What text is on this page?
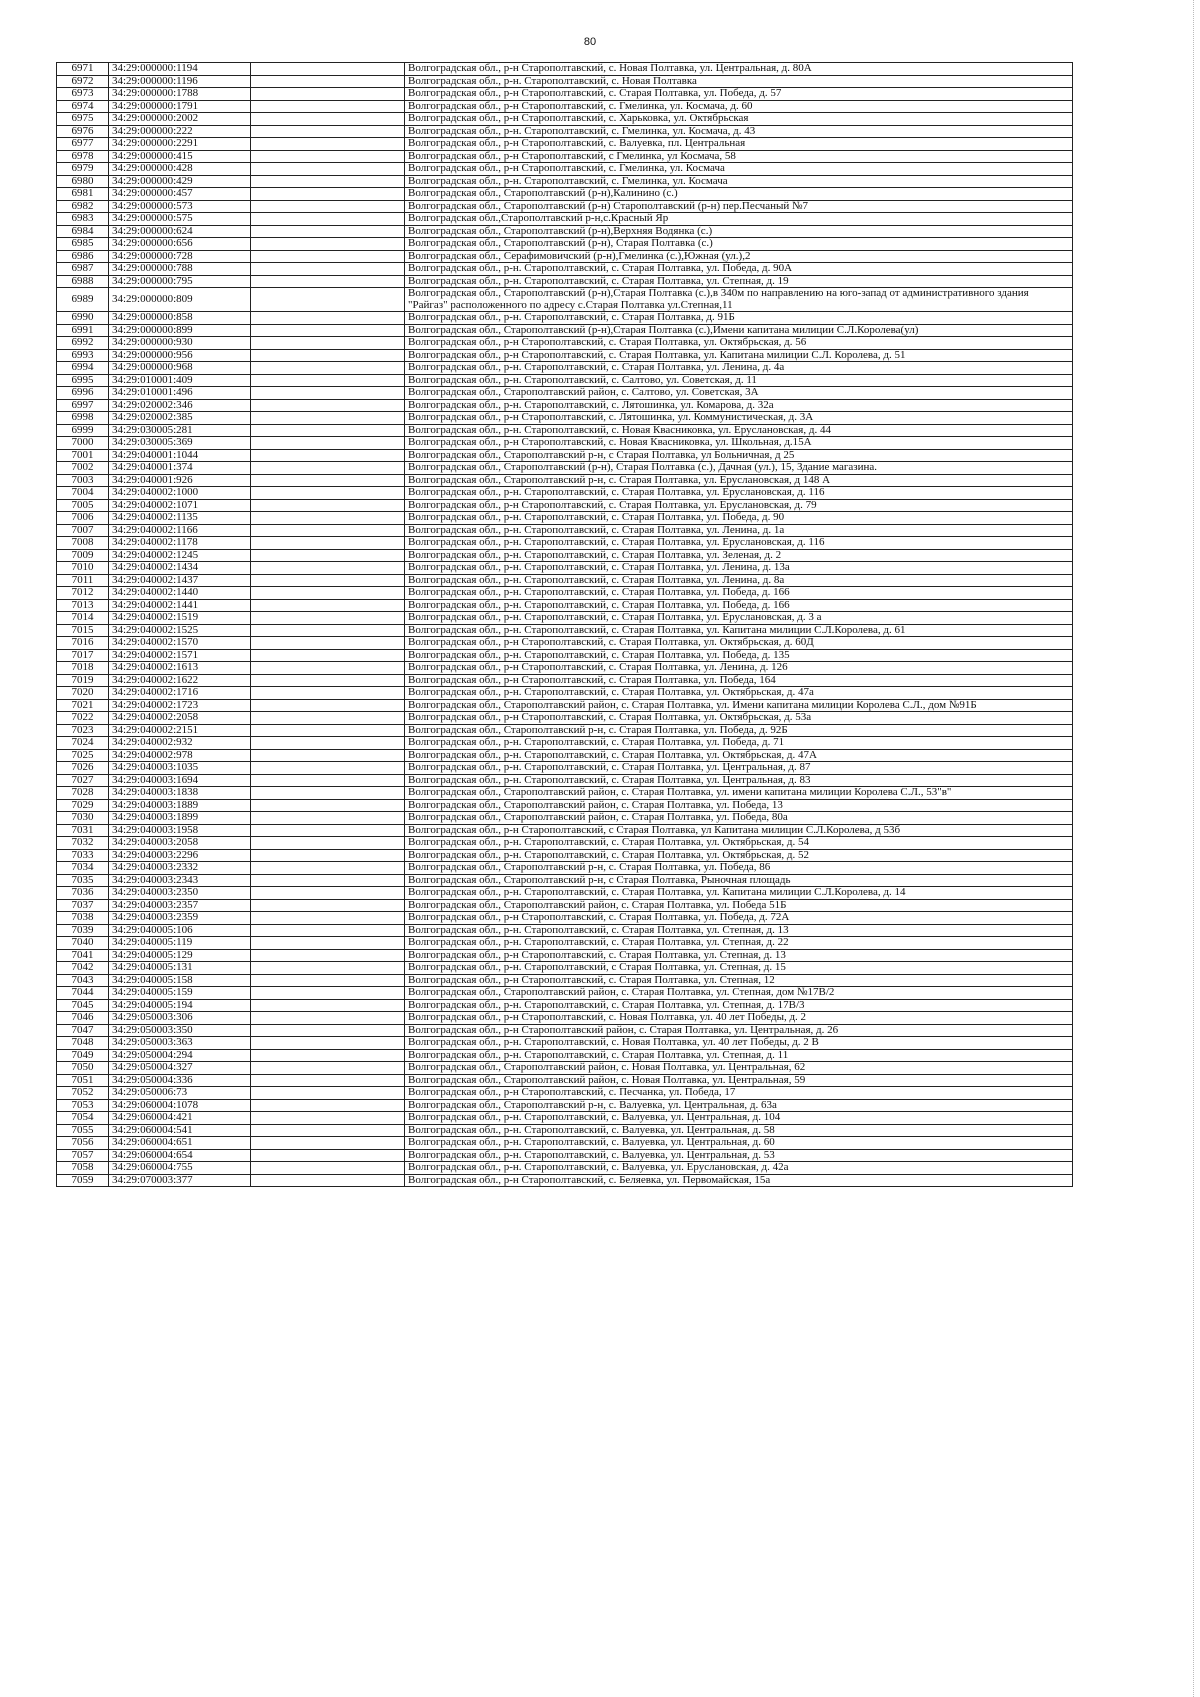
80
6971	34:29:000000:1194		Волгоградская обл., р-н Старополтавский, с. Новая Полтавка, ул. Центральная, д. 80А
6972	34:29:000000:1196		Волгоградская обл., р-н. Старополтавский, с. Новая Полтавка
6973	34:29:000000:1788		Волгоградская обл., р-н Старополтавский, с. Старая Полтавка, ул. Победа, д. 57
6974	34:29:000000:1791		Волгоградская обл., р-н Старополтавский, с. Гмелинка, ул. Космача, д. 60
6975	34:29:000000:2002		Волгоградская обл., р-н Старополтавский, с. Харьковка, ул. Октябрьская
6976	34:29:000000:222		Волгоградская обл., р-н. Старополтавский, с. Гмелинка, ул. Космача, д. 43
6977	34:29:000000:2291		Волгоградская обл., р-н Старополтавский, с. Валуевка, пл. Центральная
6978	34:29:000000:415		Волгоградская обл., р-н Старополтавский, с Гмелинка, ул Космача, 58
6979	34:29:000000:428		Волгоградская обл., р-н Старополтавский, с. Гмелинка, ул. Космача
6980	34:29:000000:429		Волгоградская обл., р-н. Старополтавский, с. Гмелинка, ул. Космача
6981	34:29:000000:457		Волгоградская обл., Старополтавский (р-н),Калинино (с.)
6982	34:29:000000:573		Волгоградская обл., Старополтавский (р-н) Старополтавский (р-н) пер.Песчаный №7
6983	34:29:000000:575		Волгоградская обл.,Старополтавский р-н,с.Красный Яр
6984	34:29:000000:624		Волгоградская обл., Старополтавский (р-н),Верхняя Водянка (с.)
6985	34:29:000000:656		Волгоградская обл., Старополтавский (р-н), Старая Полтавка (с.)
6986	34:29:000000:728		Волгоградская обл., Серафимовичский (р-н),Гмелинка (с.),Южная (ул.),2
6987	34:29:000000:788		Волгоградская обл., р-н. Старополтавский, с. Старая Полтавка, ул. Победа, д. 90А
6988	34:29:000000:795		Волгоградская обл., р-н. Старополтавский, с. Старая Полтавка, ул. Степная, д. 19
6989	34:29:000000:809		Волгоградская обл., Старополтавский (р-н),Старая Полтавка (с.),в 340м по направлению на юго-запад от административного здания "Райгаз" расположенного по адресу с.Старая Полтавка ул.Степная,11
6990	34:29:000000:858		Волгоградская обл., р-н. Старополтавский, с. Старая Полтавка, д. 91Б
6991	34:29:000000:899		Волгоградская обл., Старополтавский (р-н),Старая Полтавка (с.),Имени капитана милиции С.Л.Королева(ул)
6992	34:29:000000:930		Волгоградская обл., р-н Старополтавский, с. Старая Полтавка, ул. Октябрьская, д. 56
6993	34:29:000000:956		Волгоградская обл., р-н Старополтавский, с. Старая Полтавка, ул. Капитана милиции С.Л. Королева, д. 51
6994	34:29:000000:968		Волгоградская обл., р-н. Старополтавский, с. Старая Полтавка, ул. Ленина, д. 4а
6995	34:29:010001:409		Волгоградская обл., р-н. Старополтавский, с. Салтово, ул. Советская, д. 11
6996	34:29:010001:496		Волгоградская обл., Старополтавский район, с. Салтово, ул. Советская, 3А
6997	34:29:020002:346		Волгоградская обл., р-н. Старополтавский, с. Лятошинка, ул. Комарова, д. 32а
6998	34:29:020002:385		Волгоградская обл., р-н Старополтавский, с. Лятошинка, ул. Коммунистическая, д. 3А
6999	34:29:030005:281		Волгоградская обл., р-н. Старополтавский, с. Новая Квасниковка, ул. Еруслановская, д. 44
7000	34:29:030005:369		Волгоградская обл., р-н Старополтавский, с. Новая Квасниковка, ул. Школьная, д.15А
7001	34:29:040001:1044		Волгоградская обл., Старополтавский р-н, с Старая Полтавка, ул Больничная, д 25
7002	34:29:040001:374		Волгоградская обл., Старополтавский (р-н), Старая Полтавка (с.), Дачная (ул.), 15, Здание магазина.
7003	34:29:040001:926		Волгоградская обл., Старополтавский р-н, с. Старая Полтавка, ул. Еруслановская, д 148 А
7004	34:29:040002:1000		Волгоградская обл., р-н. Старополтавский, с. Старая Полтавка, ул. Еруслановская, д. 116
7005	34:29:040002:1071		Волгоградская обл., р-н Старополтавский, с. Старая Полтавка, ул. Еруслановская, д. 79
7006	34:29:040002:1135		Волгоградская обл., р-н. Старополтавский, с. Старая Полтавка, ул. Победа, д. 90
7007	34:29:040002:1166		Волгоградская обл., р-н. Старополтавский, с. Старая Полтавка, ул. Ленина, д. 1а
7008	34:29:040002:1178		Волгоградская обл., р-н. Старополтавский, с. Старая Полтавка, ул. Еруслановская, д. 116
7009	34:29:040002:1245		Волгоградская обл., р-н. Старополтавский, с. Старая Полтавка, ул. Зеленая, д. 2
7010	34:29:040002:1434		Волгоградская обл., р-н. Старополтавский, с. Старая Полтавка, ул. Ленина, д. 13а
7011	34:29:040002:1437		Волгоградская обл., р-н. Старополтавский, с. Старая Полтавка, ул. Ленина, д. 8а
7012	34:29:040002:1440		Волгоградская обл., р-н. Старополтавский, с. Старая Полтавка, ул. Победа, д. 166
7013	34:29:040002:1441		Волгоградская обл., р-н. Старополтавский, с. Старая Полтавка, ул. Победа, д. 166
7014	34:29:040002:1519		Волгоградская обл., р-н. Старополтавский, с. Старая Полтавка, ул. Еруслановская, д. 3 а
7015	34:29:040002:1525		Волгоградская обл., р-н. Старополтавский, с. Старая Полтавка, ул. Капитана милиции С.Л.Королева, д. 61
7016	34:29:040002:1570		Волгоградская обл., р-н Старополтавский, с. Старая Полтавка, ул. Октябрьская, д. 60Д
7017	34:29:040002:1571		Волгоградская обл., р-н. Старополтавский, с. Старая Полтавка, ул. Победа, д. 135
7018	34:29:040002:1613		Волгоградская обл., р-н Старополтавский, с. Старая Полтавка, ул. Ленина, д. 126
7019	34:29:040002:1622		Волгоградская обл., р-н Старополтавский, с. Старая Полтавка, ул. Победа, 164
7020	34:29:040002:1716		Волгоградская обл., р-н. Старополтавский, с. Старая Полтавка, ул. Октябрьская, д. 47а
7021	34:29:040002:1723		Волгоградская обл., Старополтавский район, с. Старая Полтавка, ул. Имени капитана милиции Королева С.Л., дом №91Б
7022	34:29:040002:2058		Волгоградская обл., р-н Старополтавский, с. Старая Полтавка, ул. Октябрьская, д. 53а
7023	34:29:040002:2151		Волгоградская обл., Старополтавский р-н, с. Старая Полтавка, ул. Победа, д. 92Б
7024	34:29:040002:932		Волгоградская обл., р-н. Старополтавский, с. Старая Полтавка, ул. Победа, д. 71
7025	34:29:040002:978		Волгоградская обл., р-н. Старополтавский, с. Старая Полтавка, ул. Октябрьская, д. 47А
7026	34:29:040003:1035		Волгоградская обл., р-н. Старополтавский, с. Старая Полтавка, ул. Центральная, д. 87
7027	34:29:040003:1694		Волгоградская обл., р-н. Старополтавский, с. Старая Полтавка, ул. Центральная, д. 83
7028	34:29:040003:1838		Волгоградская обл., Старополтавский район, с. Старая Полтавка, ул. имени капитана милиции Королева С.Л., 53"в"
7029	34:29:040003:1889		Волгоградская обл., Старополтавский район, с. Старая Полтавка, ул. Победа, 13
7030	34:29:040003:1899		Волгоградская обл., Старополтавский район, с. Старая Полтавка, ул. Победа, 80а
7031	34:29:040003:1958		Волгоградская обл., р-н Старополтавский, с Старая Полтавка, ул Капитана милиции С.Л.Королева, д 53б
7032	34:29:040003:2058		Волгоградская обл., р-н. Старополтавский, с. Старая Полтавка, ул. Октябрьская, д. 54
7033	34:29:040003:2296		Волгоградская обл., р-н. Старополтавский, с. Старая Полтавка, ул. Октябрьская, д. 52
7034	34:29:040003:2332		Волгоградская обл., Старополтавский р-н, с. Старая Полтавка, ул. Победа, 86
7035	34:29:040003:2343		Волгоградская обл., Старополтавский р-н, с Старая Полтавка, Рыночная площадь
7036	34:29:040003:2350		Волгоградская обл., р-н. Старополтавский, с. Старая Полтавка, ул. Капитана милиции С.Л.Королева, д. 14
7037	34:29:040003:2357		Волгоградская обл., Старополтавский район, с. Старая Полтавка, ул. Победа 51Б
7038	34:29:040003:2359		Волгоградская обл., р-н Старополтавский, с. Старая Полтавка, ул. Победа, д. 72А
7039	34:29:040005:106		Волгоградская обл., р-н. Старополтавский, с. Старая Полтавка, ул. Степная, д. 13
7040	34:29:040005:119		Волгоградская обл., р-н. Старополтавский, с. Старая Полтавка, ул. Степная, д. 22
7041	34:29:040005:129		Волгоградская обл., р-н Старополтавский, с. Старая Полтавка, ул. Степная, д. 13
7042	34:29:040005:131		Волгоградская обл., р-н. Старополтавский, с Старая Полтавка, ул. Степная, д. 15
7043	34:29:040005:158		Волгоградская обл., р-н Старополтавский, с. Старая Полтавка, ул. Степная, 12
7044	34:29:040005:159		Волгоградская обл., Старополтавский район, с. Старая Полтавка, ул. Степная, дом №17В/2
7045	34:29:040005:194		Волгоградская обл., р-н. Старополтавский, с. Старая Полтавка, ул. Степная, д. 17В/3
7046	34:29:050003:306		Волгоградская обл., р-н Старополтавский, с. Новая Полтавка, ул. 40 лет Победы, д. 2
7047	34:29:050003:350		Волгоградская обл., р-н Старополтавский район, с. Старая Полтавка, ул. Центральная, д. 26
7048	34:29:050003:363		Волгоградская обл., р-н. Старополтавский, с. Новая Полтавка, ул. 40 лет Победы, д. 2 В
7049	34:29:050004:294		Волгоградская обл., р-н. Старополтавский, с. Старая Полтавка, ул. Степная, д. 11
7050	34:29:050004:327		Волгоградская обл., Старополтавский район, с. Новая Полтавка, ул. Центральная, 62
7051	34:29:050004:336		Волгоградская обл., Старополтавский район, с. Новая Полтавка, ул. Центральная, 59
7052	34:29:050006:73		Волгоградская обл., р-н Старополтавский, с. Песчанка, ул. Победа, 17
7053	34:29:060004:1078		Волгоградская обл., Старополтавский р-н, с. Валуевка, ул. Центральная, д. 63а
7054	34:29:060004:421		Волгоградская обл., р-н. Старополтавский, с. Валуевка, ул. Центральная, д. 104
7055	34:29:060004:541		Волгоградская обл., р-н. Старополтавский, с. Валуевка, ул. Центральная, д. 58
7056	34:29:060004:651		Волгоградская обл., р-н. Старополтавский, с. Валуевка, ул. Центральная, д. 60
7057	34:29:060004:654		Волгоградская обл., р-н. Старополтавский, с. Валуевка, ул. Центральная, д. 53
7058	34:29:060004:755		Волгоградская обл., р-н. Старополтавский, с. Валуевка, ул. Еруслановская, д. 42а
7059	34:29:070003:377		Волгоградская обл., р-н Старополтавский, с. Беляевка, ул. Первомайская, 15а
